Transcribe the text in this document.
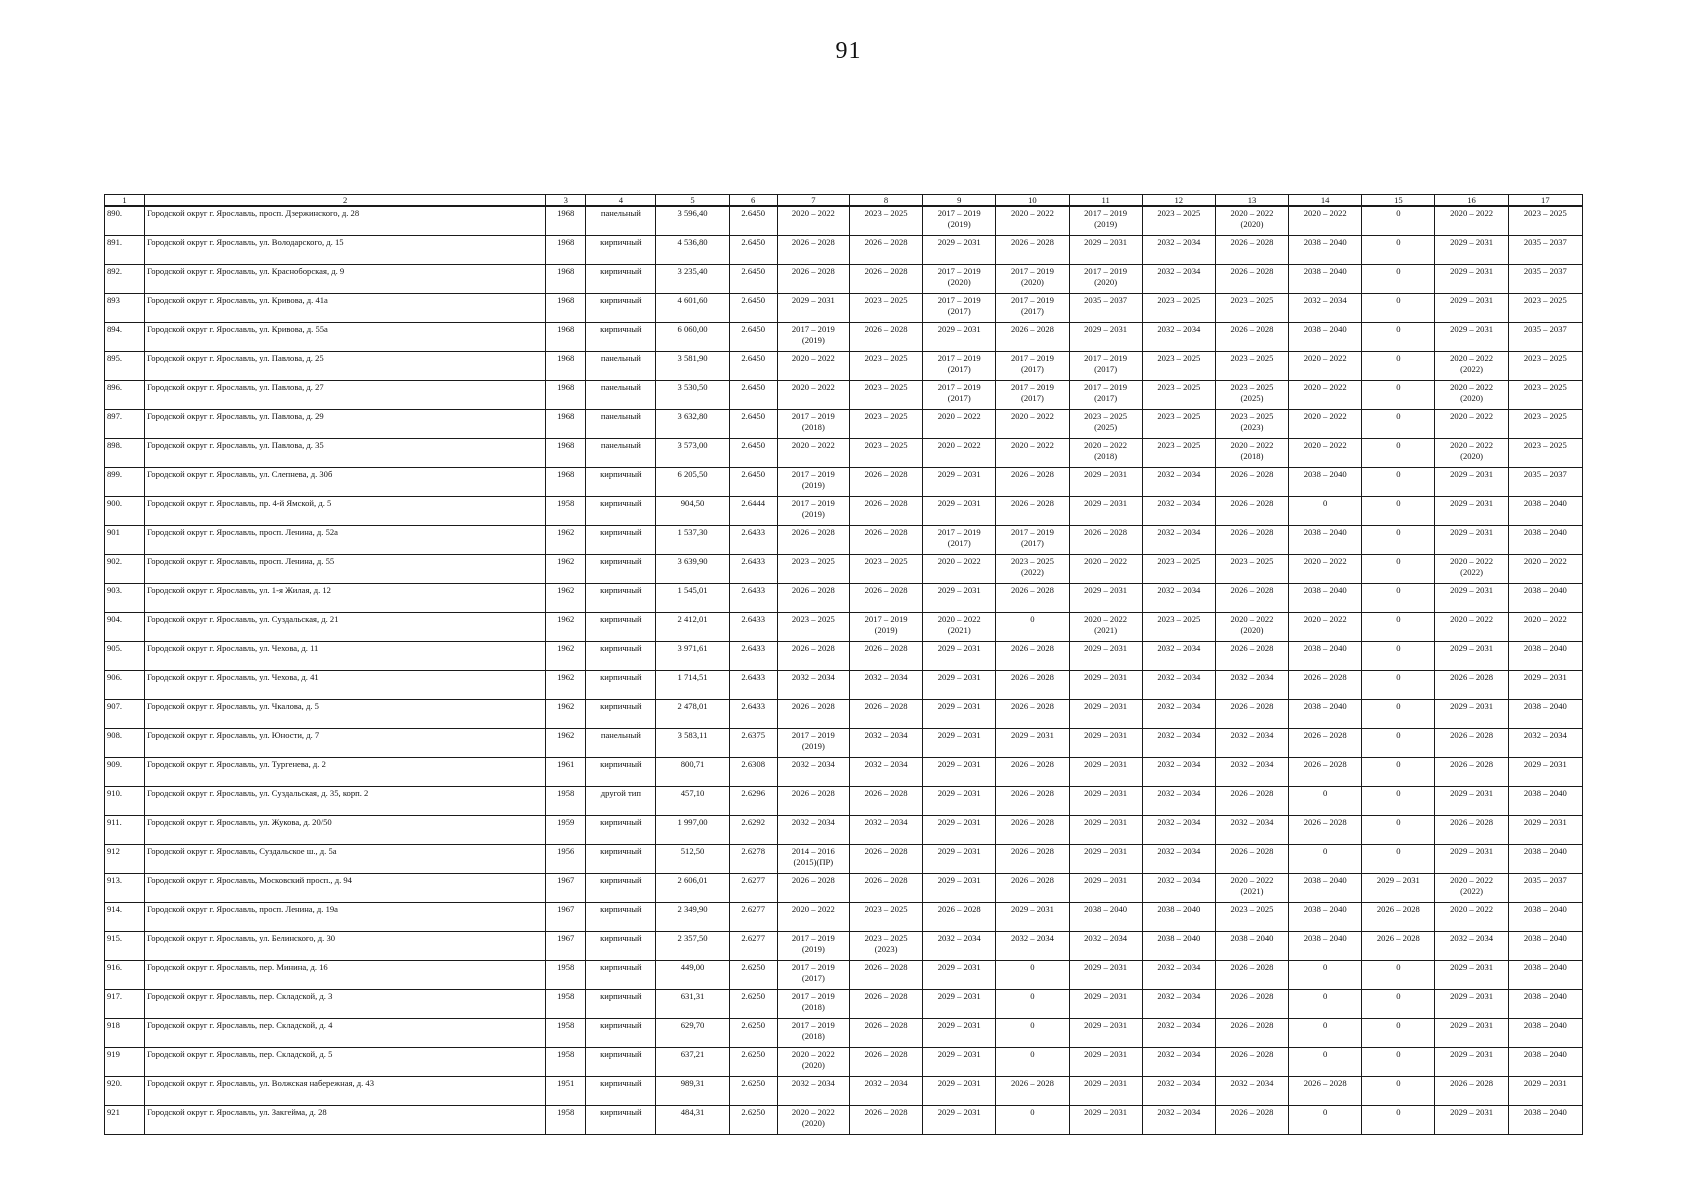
91
1	2	3	4	5	6	7	8	9	10	11	12	13	14	15	16	17

890.	Городской округ г. Ярославль, просп. Дзержинского, д. 28	1968	панельный	3 596,40	2.6450	2020 – 2022	2023 – 2025	2017 – 2019
(2019)	2020 – 2022	2017 – 2019
(2019)	2023 – 2025	2020 – 2022
(2020)	2020 – 2022	0	2020 – 2022	2023 – 2025

891.	Городской округ г. Ярославль, ул. Володарского, д. 15	1968	кирпичный	4 536,80	2.6450	2026 – 2028	2026 – 2028	2029 – 2031	2026 – 2028	2029 – 2031	2032 – 2034	2026 – 2028	2038 – 2040	0	2029 – 2031	2035 – 2037

892.	Городской округ г. Ярославль, ул. Красноборская, д. 9	1968	кирпичный	3 235,40	2.6450	2026 – 2028	2026 – 2028	2017 – 2019
(2020)	2017 – 2019
(2020)	2017 – 2019
(2020)	2032 – 2034	2026 – 2028	2038 – 2040	0	2029 – 2031	2035 – 2037

893	Городской округ г. Ярославль, ул. Кривова, д. 41а	1968	кирпичный	4 601,60	2.6450	2029 – 2031	2023 – 2025	2017 – 2019
(2017)	2017 – 2019
(2017)	2035 – 2037	2023 – 2025	2023 – 2025	2032 – 2034	0	2029 – 2031	2023 – 2025

894.	Городской округ г. Ярославль, ул. Кривова, д. 55а	1968	кирпичный	6 060,00	2.6450	2017 – 2019
(2019)	2026 – 2028	2029 – 2031	2026 – 2028	2029 – 2031	2032 – 2034	2026 – 2028	2038 – 2040	0	2029 – 2031	2035 – 2037

895.	Городской округ г. Ярославль, ул. Павлова, д. 25	1968	панельный	3 581,90	2.6450	2020 – 2022	2023 – 2025	2017 – 2019
(2017)	2017 – 2019
(2017)	2017 – 2019
(2017)	2023 – 2025	2023 – 2025	2020 – 2022	0	2020 – 2022
(2022)	2023 – 2025

896.	Городской округ г. Ярославль, ул. Павлова, д. 27	1968	панельный	3 530,50	2.6450	2020 – 2022	2023 – 2025	2017 – 2019
(2017)	2017 – 2019
(2017)	2017 – 2019
(2017)	2023 – 2025	2023 – 2025
(2025)	2020 – 2022	0	2020 – 2022
(2020)	2023 – 2025

897.	Городской округ г. Ярославль, ул. Павлова, д. 29	1968	панельный	3 632,80	2.6450	2017 – 2019
(2018)	2023 – 2025	2020 – 2022	2020 – 2022	2023 – 2025
(2025)	2023 – 2025	2023 – 2025
(2023)	2020 – 2022	0	2020 – 2022	2023 – 2025

898.	Городской округ г. Ярославль, ул. Павлова, д. 35	1968	панельный	3 573,00	2.6450	2020 – 2022	2023 – 2025	2020 – 2022	2020 – 2022	2020 – 2022
(2018)	2023 – 2025	2020 – 2022
(2018)	2020 – 2022	0	2020 – 2022
(2020)	2023 – 2025

899.	Городской округ г. Ярославль, ул. Слепнева, д. 30б	1968	кирпичный	6 205,50	2.6450	2017 – 2019
(2019)	2026 – 2028	2029 – 2031	2026 – 2028	2029 – 2031	2032 – 2034	2026 – 2028	2038 – 2040	0	2029 – 2031	2035 – 2037

900.	Городской округ г. Ярославль, пр. 4-й Ямской, д. 5	1958	кирпичный	904,50	2.6444	2017 – 2019
(2019)	2026 – 2028	2029 – 2031	2026 – 2028	2029 – 2031	2032 – 2034	2026 – 2028	0	0	2029 – 2031	2038 – 2040

901	Городской округ г. Ярославль, просп. Ленина, д. 52а	1962	кирпичный	1 537,30	2.6433	2026 – 2028	2026 – 2028	2017 – 2019
(2017)	2017 – 2019
(2017)	2026 – 2028	2032 – 2034	2026 – 2028	2038 – 2040	0	2029 – 2031	2038 – 2040

902.	Городской округ г. Ярославль, просп. Ленина, д. 55	1962	кирпичный	3 639,90	2.6433	2023 – 2025	2023 – 2025	2020 – 2022	2023 – 2025
(2022)	2020 – 2022	2023 – 2025	2023 – 2025	2020 – 2022	0	2020 – 2022
(2022)	2020 – 2022

903.	Городской округ г. Ярославль, ул. 1-я Жилая, д. 12	1962	кирпичный	1 545,01	2.6433	2026 – 2028	2026 – 2028	2029 – 2031	2026 – 2028	2029 – 2031	2032 – 2034	2026 – 2028	2038 – 2040	0	2029 – 2031	2038 – 2040

904.	Городской округ г. Ярославль, ул. Суздальская, д. 21	1962	кирпичный	2 412,01	2.6433	2023 – 2025	2017 – 2019
(2019)	2020 – 2022
(2021)	0	2020 – 2022
(2021)	2023 – 2025	2020 – 2022
(2020)	2020 – 2022	0	2020 – 2022	2020 – 2022

905.	Городской округ г. Ярославль, ул. Чехова, д. 11	1962	кирпичный	3 971,61	2.6433	2026 – 2028	2026 – 2028	2029 – 2031	2026 – 2028	2029 – 2031	2032 – 2034	2026 – 2028	2038 – 2040	0	2029 – 2031	2038 – 2040

906.	Городской округ г. Ярославль, ул. Чехова, д. 41	1962	кирпичный	1 714,51	2.6433	2032 – 2034	2032 – 2034	2029 – 2031	2026 – 2028	2029 – 2031	2032 – 2034	2032 – 2034	2026 – 2028	0	2026 – 2028	2029 – 2031

907.	Городской округ г. Ярославль, ул. Чкалова, д. 5	1962	кирпичный	2 478,01	2.6433	2026 – 2028	2026 – 2028	2029 – 2031	2026 – 2028	2029 – 2031	2032 – 2034	2026 – 2028	2038 – 2040	0	2029 – 2031	2038 – 2040

908.	Городской округ г. Ярославль, ул. Юности, д. 7	1962	панельный	3 583,11	2.6375	2017 – 2019
(2019)	2032 – 2034	2029 – 2031	2029 – 2031	2029 – 2031	2032 – 2034	2032 – 2034	2026 – 2028	0	2026 – 2028	2032 – 2034

909.	Городской округ г. Ярославль, ул. Тургенева, д. 2	1961	кирпичный	800,71	2.6308	2032 – 2034	2032 – 2034	2029 – 2031	2026 – 2028	2029 – 2031	2032 – 2034	2032 – 2034	2026 – 2028	0	2026 – 2028	2029 – 2031

910.	Городской округ г. Ярославль, ул. Суздальская, д. 35, корп. 2	1958	другой тип	457,10	2.6296	2026 – 2028	2026 – 2028	2029 – 2031	2026 – 2028	2029 – 2031	2032 – 2034	2026 – 2028	0	0	2029 – 2031	2038 – 2040

911.	Городской округ г. Ярославль, ул. Жукова, д. 20/50	1959	кирпичный	1 997,00	2.6292	2032 – 2034	2032 – 2034	2029 – 2031	2026 – 2028	2029 – 2031	2032 – 2034	2032 – 2034	2026 – 2028	0	2026 – 2028	2029 – 2031

912	Городской округ г. Ярославль, Суздальское ш., д. 5а	1956	кирпичный	512,50	2.6278	2014 – 2016
(2015)(ПР)	2026 – 2028	2029 – 2031	2026 – 2028	2029 – 2031	2032 – 2034	2026 – 2028	0	0	2029 – 2031	2038 – 2040

913.	Городской округ г. Ярославль, Московский просп., д. 94	1967	кирпичный	2 606,01	2.6277	2026 – 2028	2026 – 2028	2029 – 2031	2026 – 2028	2029 – 2031	2032 – 2034	2020 – 2022
(2021)	2038 – 2040	2029 – 2031	2020 – 2022
(2022)	2035 – 2037

914.	Городской округ г. Ярославль, просп. Ленина, д. 19а	1967	кирпичный	2 349,90	2.6277	2020 – 2022	2023 – 2025	2026 – 2028	2029 – 2031	2038 – 2040	2038 – 2040	2023 – 2025	2038 – 2040	2026 – 2028	2020 – 2022	2038 – 2040

915.	Городской округ г. Ярославль, ул. Белинского, д. 30	1967	кирпичный	2 357,50	2.6277	2017 – 2019
(2019)	2023 – 2025
(2023)	2032 – 2034	2032 – 2034	2032 – 2034	2038 – 2040	2038 – 2040	2038 – 2040	2026 – 2028	2032 – 2034	2038 – 2040

916.	Городской округ г. Ярославль, пер. Минина, д. 16	1958	кирпичный	449,00	2.6250	2017 – 2019
(2017)	2026 – 2028	2029 – 2031	0	2029 – 2031	2032 – 2034	2026 – 2028	0	0	2029 – 2031	2038 – 2040

917.	Городской округ г. Ярославль, пер. Складской, д. 3	1958	кирпичный	631,31	2.6250	2017 – 2019
(2018)	2026 – 2028	2029 – 2031	0	2029 – 2031	2032 – 2034	2026 – 2028	0	0	2029 – 2031	2038 – 2040

918	Городской округ г. Ярославль, пер. Складской, д. 4	1958	кирпичный	629,70	2.6250	2017 – 2019
(2018)	2026 – 2028	2029 – 2031	0	2029 – 2031	2032 – 2034	2026 – 2028	0	0	2029 – 2031	2038 – 2040

919	Городской округ г. Ярославль, пер. Складской, д. 5	1958	кирпичный	637,21	2.6250	2020 – 2022
(2020)	2026 – 2028	2029 – 2031	0	2029 – 2031	2032 – 2034	2026 – 2028	0	0	2029 – 2031	2038 – 2040

920.	Городской округ г. Ярославль, ул. Волжская набережная, д. 43	1951	кирпичный	989,31	2.6250	2032 – 2034	2032 – 2034	2029 – 2031	2026 – 2028	2029 – 2031	2032 – 2034	2032 – 2034	2026 – 2028	0	2026 – 2028	2029 – 2031

921	Городской округ г. Ярославль, ул. Закгейма, д. 28	1958	кирпичный	484,31	2.6250	2020 – 2022
(2020)	2026 – 2028	2029 – 2031	0	2029 – 2031	2032 – 2034	2026 – 2028	0	0	2029 – 2031	2038 – 2040
